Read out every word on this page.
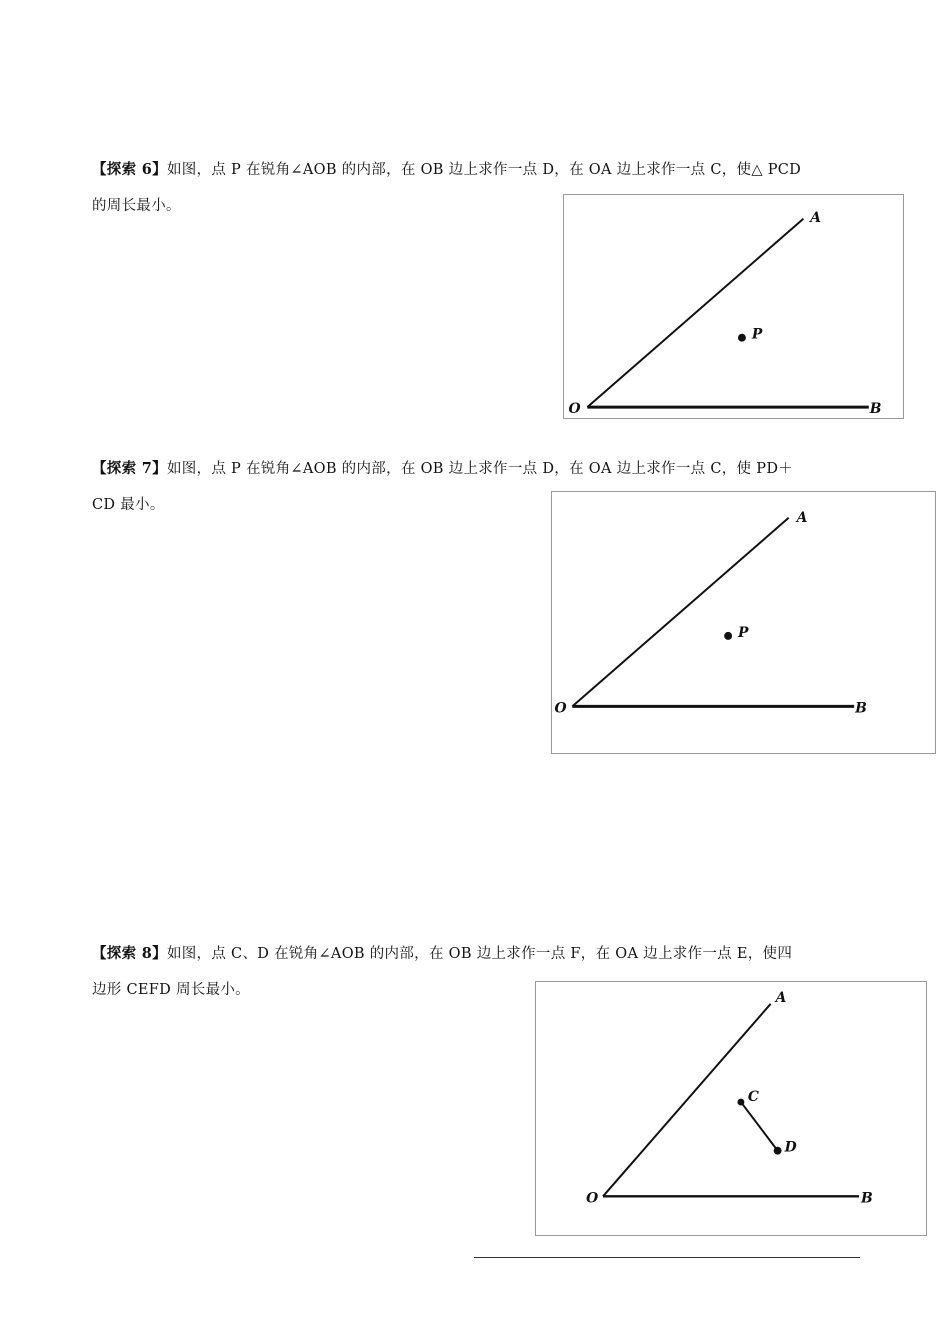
【探索 6】如图，点 P 在锐角∠AOB 的内部，在 OB 边上求作一点 D，在 OA 边上求作一点 C，使△ PCD
的周长最小。
O
A
B
P
【探索 7】如图，点 P 在锐角∠AOB 的内部，在 OB 边上求作一点 D，在 OA 边上求作一点 C，使 PD＋
CD 最小。
O
A
B
P
【探索 8】如图，点 C、D 在锐角∠AOB 的内部，在 OB 边上求作一点 F，在 OA 边上求作一点 E，使四
边形 CEFD 周长最小。
O
A
B
C
D
